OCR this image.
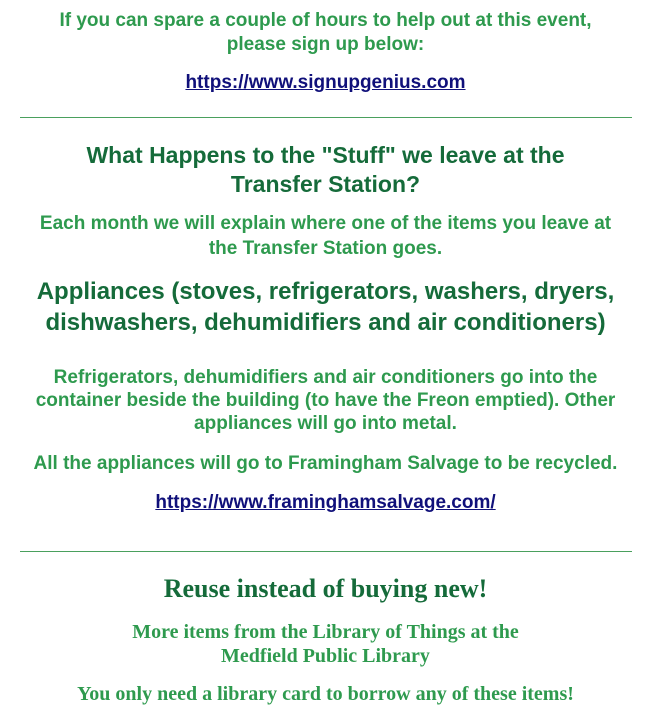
If you can spare a couple of hours to help out at this event,
please sign up below:

https://www.signupgenius.com

What Happens to the "Stuff" we leave at the
Transfer Station?

Each month we will explain where one of the items you leave at
the Transfer Station goes.

Appliances (stoves, refrigerators, washers, dryers,
dishwashers, dehumidifiers and air conditioners)

Refrigerators, dehumidifiers and air conditioners go into the
container beside the building (to have the Freon emptied). Other
appliances will go into metal.

All the appliances will go to Framingham Salvage to be recycled.

https://www.framinghamsalvage.com/

Reuse instead of buying new!

More items from the Library of Things at the
Medfield Public Library

You only need a library card to borrow any of these items!
